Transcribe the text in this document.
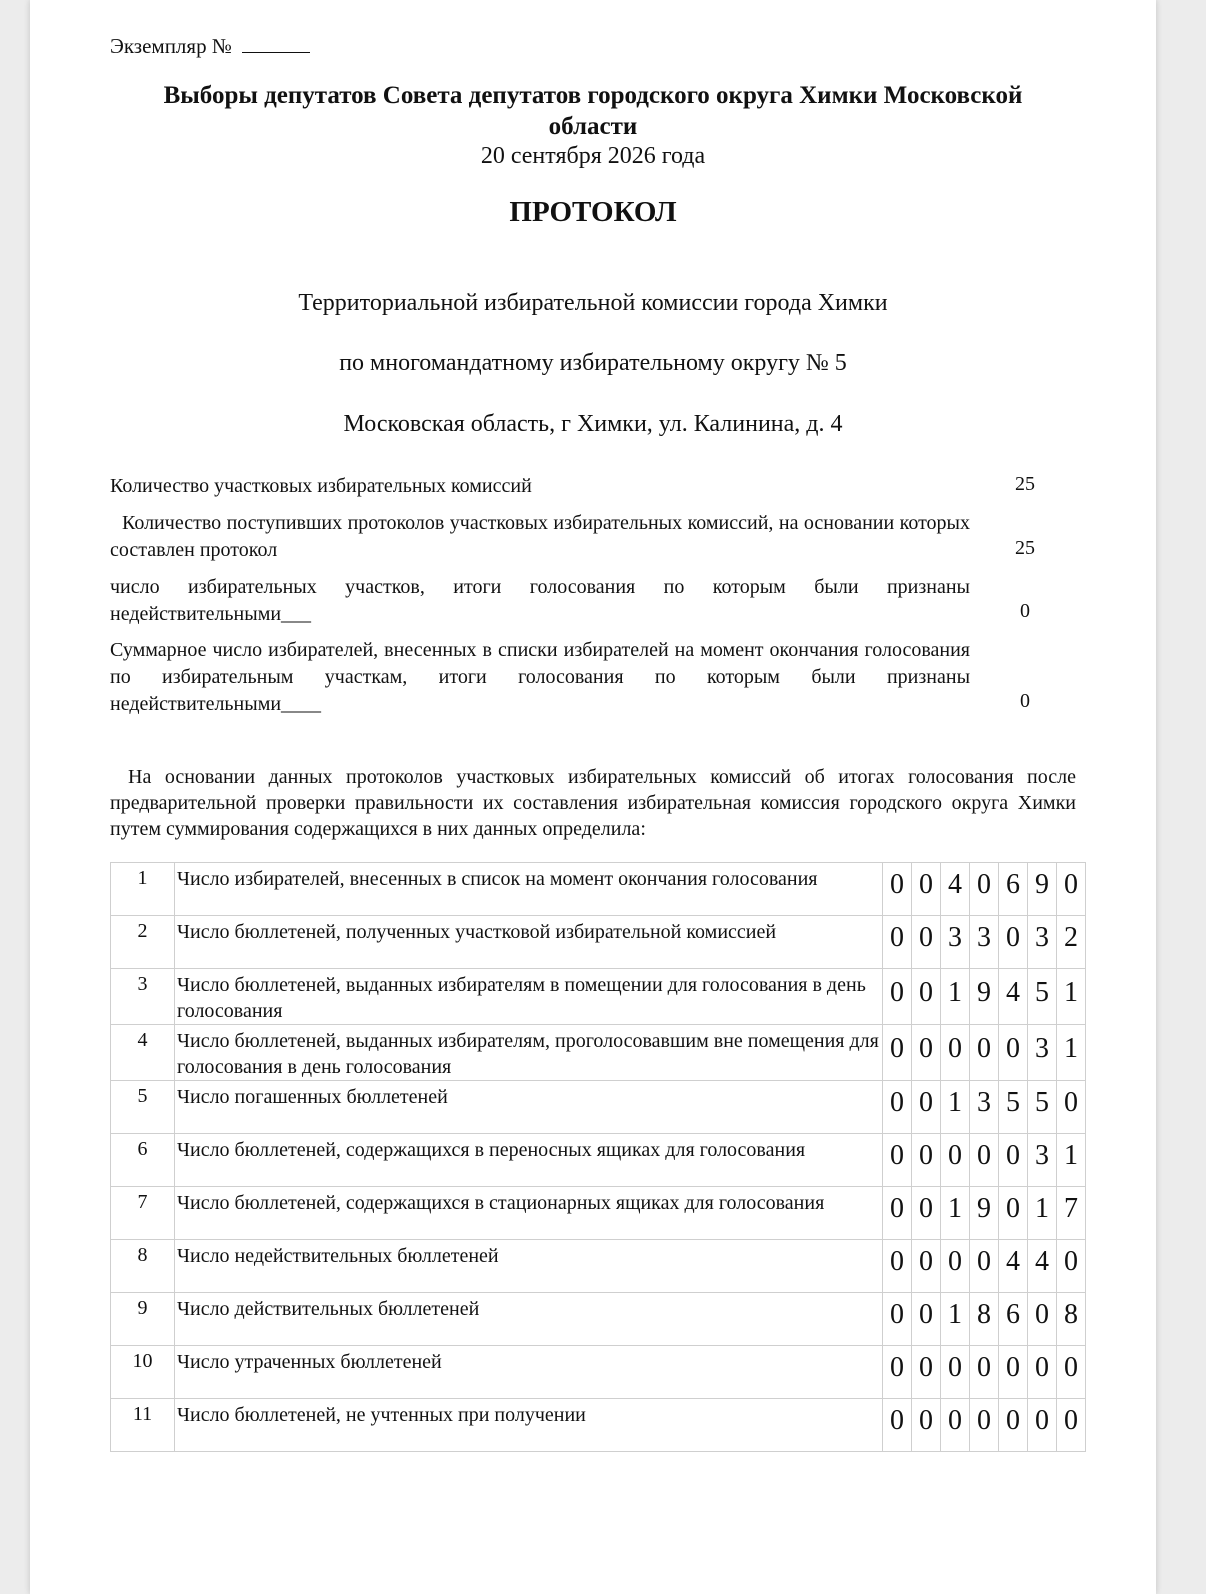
Экземпляр №
Выборы депутатов Совета депутатов городского округа Химки Московской области
20 сентября 2026 года
ПРОТОКОЛ
Территориальной избирательной комиссии города Химки
по многомандатному избирательному округу № 5
Московская область, г Химки, ул. Калинина, д. 4
Количество участковых избирательных комиссий	25
Количество поступивших протоколов участковых избирательных комиссий, на основании которых составлен протокол	25
число избирательных участков, итоги голосования по которым были признаны недействительными___	0
Суммарное число избирателей, внесенных в списки избирателей на момент окончания голосования по избирательным участкам, итоги голосования по которым были признаны недействительными____	0
На основании данных протоколов участковых избирательных комиссий об итогах голосования после предварительной проверки правильности их составления избирательная комиссия городского округа Химки путем суммирования содержащихся в них данных определила:
1	Число избирателей, внесенных в список на момент окончания голосования	0	0	4	0	6	9	0
2	Число бюллетеней, полученных участковой избирательной комиссией	0	0	3	3	0	3	2
3	Число бюллетеней, выданных избирателям в помещении для голосования в день голосования	0	0	1	9	4	5	1
4	Число бюллетеней, выданных избирателям, проголосовавшим вне помещения для голосования в день голосования	0	0	0	0	0	3	1
5	Число погашенных бюллетеней	0	0	1	3	5	5	0
6	Число бюллетеней, содержащихся в переносных ящиках для голосования	0	0	0	0	0	3	1
7	Число бюллетеней, содержащихся в стационарных ящиках для голосования	0	0	1	9	0	1	7
8	Число недействительных бюллетеней	0	0	0	0	4	4	0
9	Число действительных бюллетеней	0	0	1	8	6	0	8
10	Число утраченных бюллетеней	0	0	0	0	0	0	0
11	Число бюллетеней, не учтенных при получении	0	0	0	0	0	0	0
